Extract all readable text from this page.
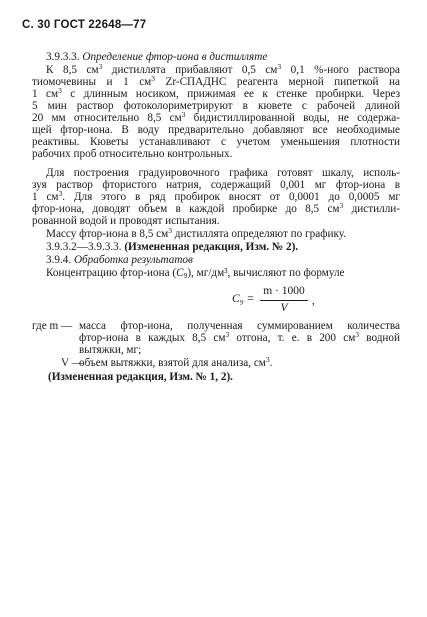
С. 30 ГОСТ 22648—77
3.9.3.3. Определение фтор-иона в дистилляте
К 8,5 $см^3$ дистиллята прибавляют 0,5 $см^3$ 0,1 %-ного раствора
тиомочевины и 1 $см^3$ Zr-СПАДНС реагента мерной пипеткой на
1 $см^3$ с длинным носиком, прижимая ее к стенке пробирки. Через
5 мин раствор фотоколориметрируют в кювете с рабочей длиной
20 мм относительно 8,5 $см^3$ бидистиллированной воды, не содержа-
щей фтор-иона. В воду предварительно добавляют все необходимые
реактивы. Кюветы устанавливают с учетом уменьшения плотности
рабочих проб относительно контрольных.
Для построения градуировочного графика готовят шкалу, исполь-
зуя раствор фтористого натрия, содержащий 0,001 мг фтор-иона в
1 $см^3$. Для этого в ряд пробирок вносят от 0,0001 до 0,0005 мг
фтор-иона, доводят объем в каждой пробирке до 8,5 $см^3$ дистилли-
рованной водой и проводят испытания.
Массу фтор-иона в 8,5 $см^3$ дистиллята определяют по графику.
3.9.3.2—3.9.3.3. (Измененная редакция, Изм. № 2).
3.9.4. Обработка результатов
Концентрацию фтор-иона $(C_9)$, мг/дм³, вычисляют по формуле
C₉ =
m · 1000
V
,
где m — масса фтор-иона, полученная суммированием количества
фтор-иона в каждых 8,5 $см^3$ отгона, т. е. в 200 $см^3$ водной
вытяжки, мг;
V —
объем вытяжки, взятой для анализа, $см^3$.
(Измененная редакция, Изм. № 1, 2).
